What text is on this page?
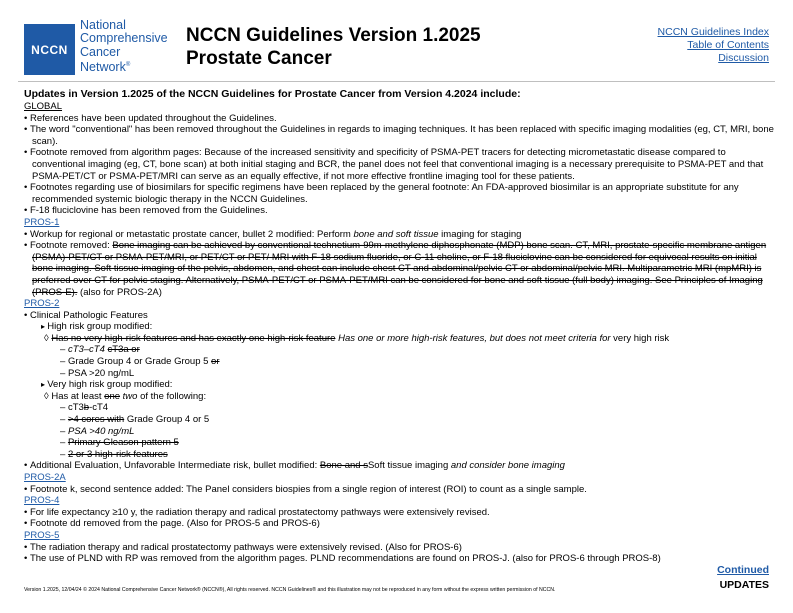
NCCN
National
Comprehensive
Cancer
Network®
NCCN Guidelines Version 1.2025
Prostate Cancer
NCCN Guidelines Index
Table of Contents
Discussion
Updates in Version 1.2025 of the NCCN Guidelines for Prostate Cancer from Version 4.2024 include:
GLOBAL
• References have been updated throughout the Guidelines.
• The word "conventional" has been removed throughout the Guidelines in regards to imaging techniques. It has been replaced with specific imaging modalities (eg, CT, MRI, bone scan).
• Footnote removed from algorithm pages: Because of the increased sensitivity and specificity of PSMA-PET tracers for detecting micrometastatic disease compared to conventional imaging (eg, CT, bone scan) at both initial staging and BCR, the panel does not feel that conventional imaging is a necessary prerequisite to PSMA-PET and that PSMA-PET/CT or PSMA-PET/MRI can serve as an equally effective, if not more effective frontline imaging tool for these patients.
• Footnotes regarding use of biosimilars for specific regimens have been replaced by the general footnote: An FDA-approved biosimilar is an appropriate substitute for any recommended systemic biologic therapy in the NCCN Guidelines.
• F-18 fluciclovine has been removed from the Guidelines.
PROS-1
• Workup for regional or metastatic prostate cancer, bullet 2 modified: Perform bone and soft tissue imaging for staging
• Footnote removed: Bone imaging can be achieved by conventional technetium-99m-methylene diphosphonate (MDP) bone scan. CT, MRI, prostate-specific membrane antigen (PSMA)-PET/CT or PSMA-PET/MRI, or PET/CT or PET/ MRI with F-18 sodium fluoride, or C-11 choline, or F-18 fluciclovine can be considered for equivocal results on initial bone imaging. Soft tissue imaging of the pelvis, abdomen, and chest can include chest CT and abdominal/pelvic CT or abdominal/pelvic MRI. Multiparametric MRI (mpMRI) is preferred over CT for pelvic staging. Alternatively, PSMA-PET/CT or PSMA-PET/MRI can be considered for bone and soft tissue (full body) imaging. See Principles of Imaging (PROS-E). (also for PROS-2A)
PROS-2
• Clinical Pathologic Features
▸ High risk group modified:
◊ Has no very high-risk features and has exactly one high-risk feature Has one or more high-risk features, but does not meet criteria for very high risk
– cT3–cT4 cT3a or
– Grade Group 4 or Grade Group 5 or
– PSA >20 ng/mL
▸ Very high risk group modified:
◊ Has at least one two of the following:
– cT3b-cT4
– >4 cores with Grade Group 4 or 5
– PSA >40 ng/mL
– Primary Gleason pattern 5
– 2 or 3 high-risk features
• Additional Evaluation, Unfavorable Intermediate risk, bullet modified: Bone and sSoft tissue imaging and consider bone imaging
PROS-2A
• Footnote k, second sentence added: The Panel considers biospies from a single region of interest (ROI) to count as a single sample.
PROS-4
• For life expectancy ≥10 y, the radiation therapy and radical prostatectomy pathways were extensively revised.
• Footnote dd removed from the page. (Also for PROS-5 and PROS-6)
PROS-5
• The radiation therapy and radical prostatectomy pathways were extensively revised. (Also for PROS-6)
• The use of PLND with RP was removed from the algorithm pages. PLND recommendations are found on PROS-J. (also for PROS-6 through PROS-8)
Continued
UPDATES
Version 1.2025, 12/04/24 © 2024 National Comprehensive Cancer Network® (NCCN®), All rights reserved. NCCN Guidelines® and this illustration may not be reproduced in any form without the express written permission of NCCN.
